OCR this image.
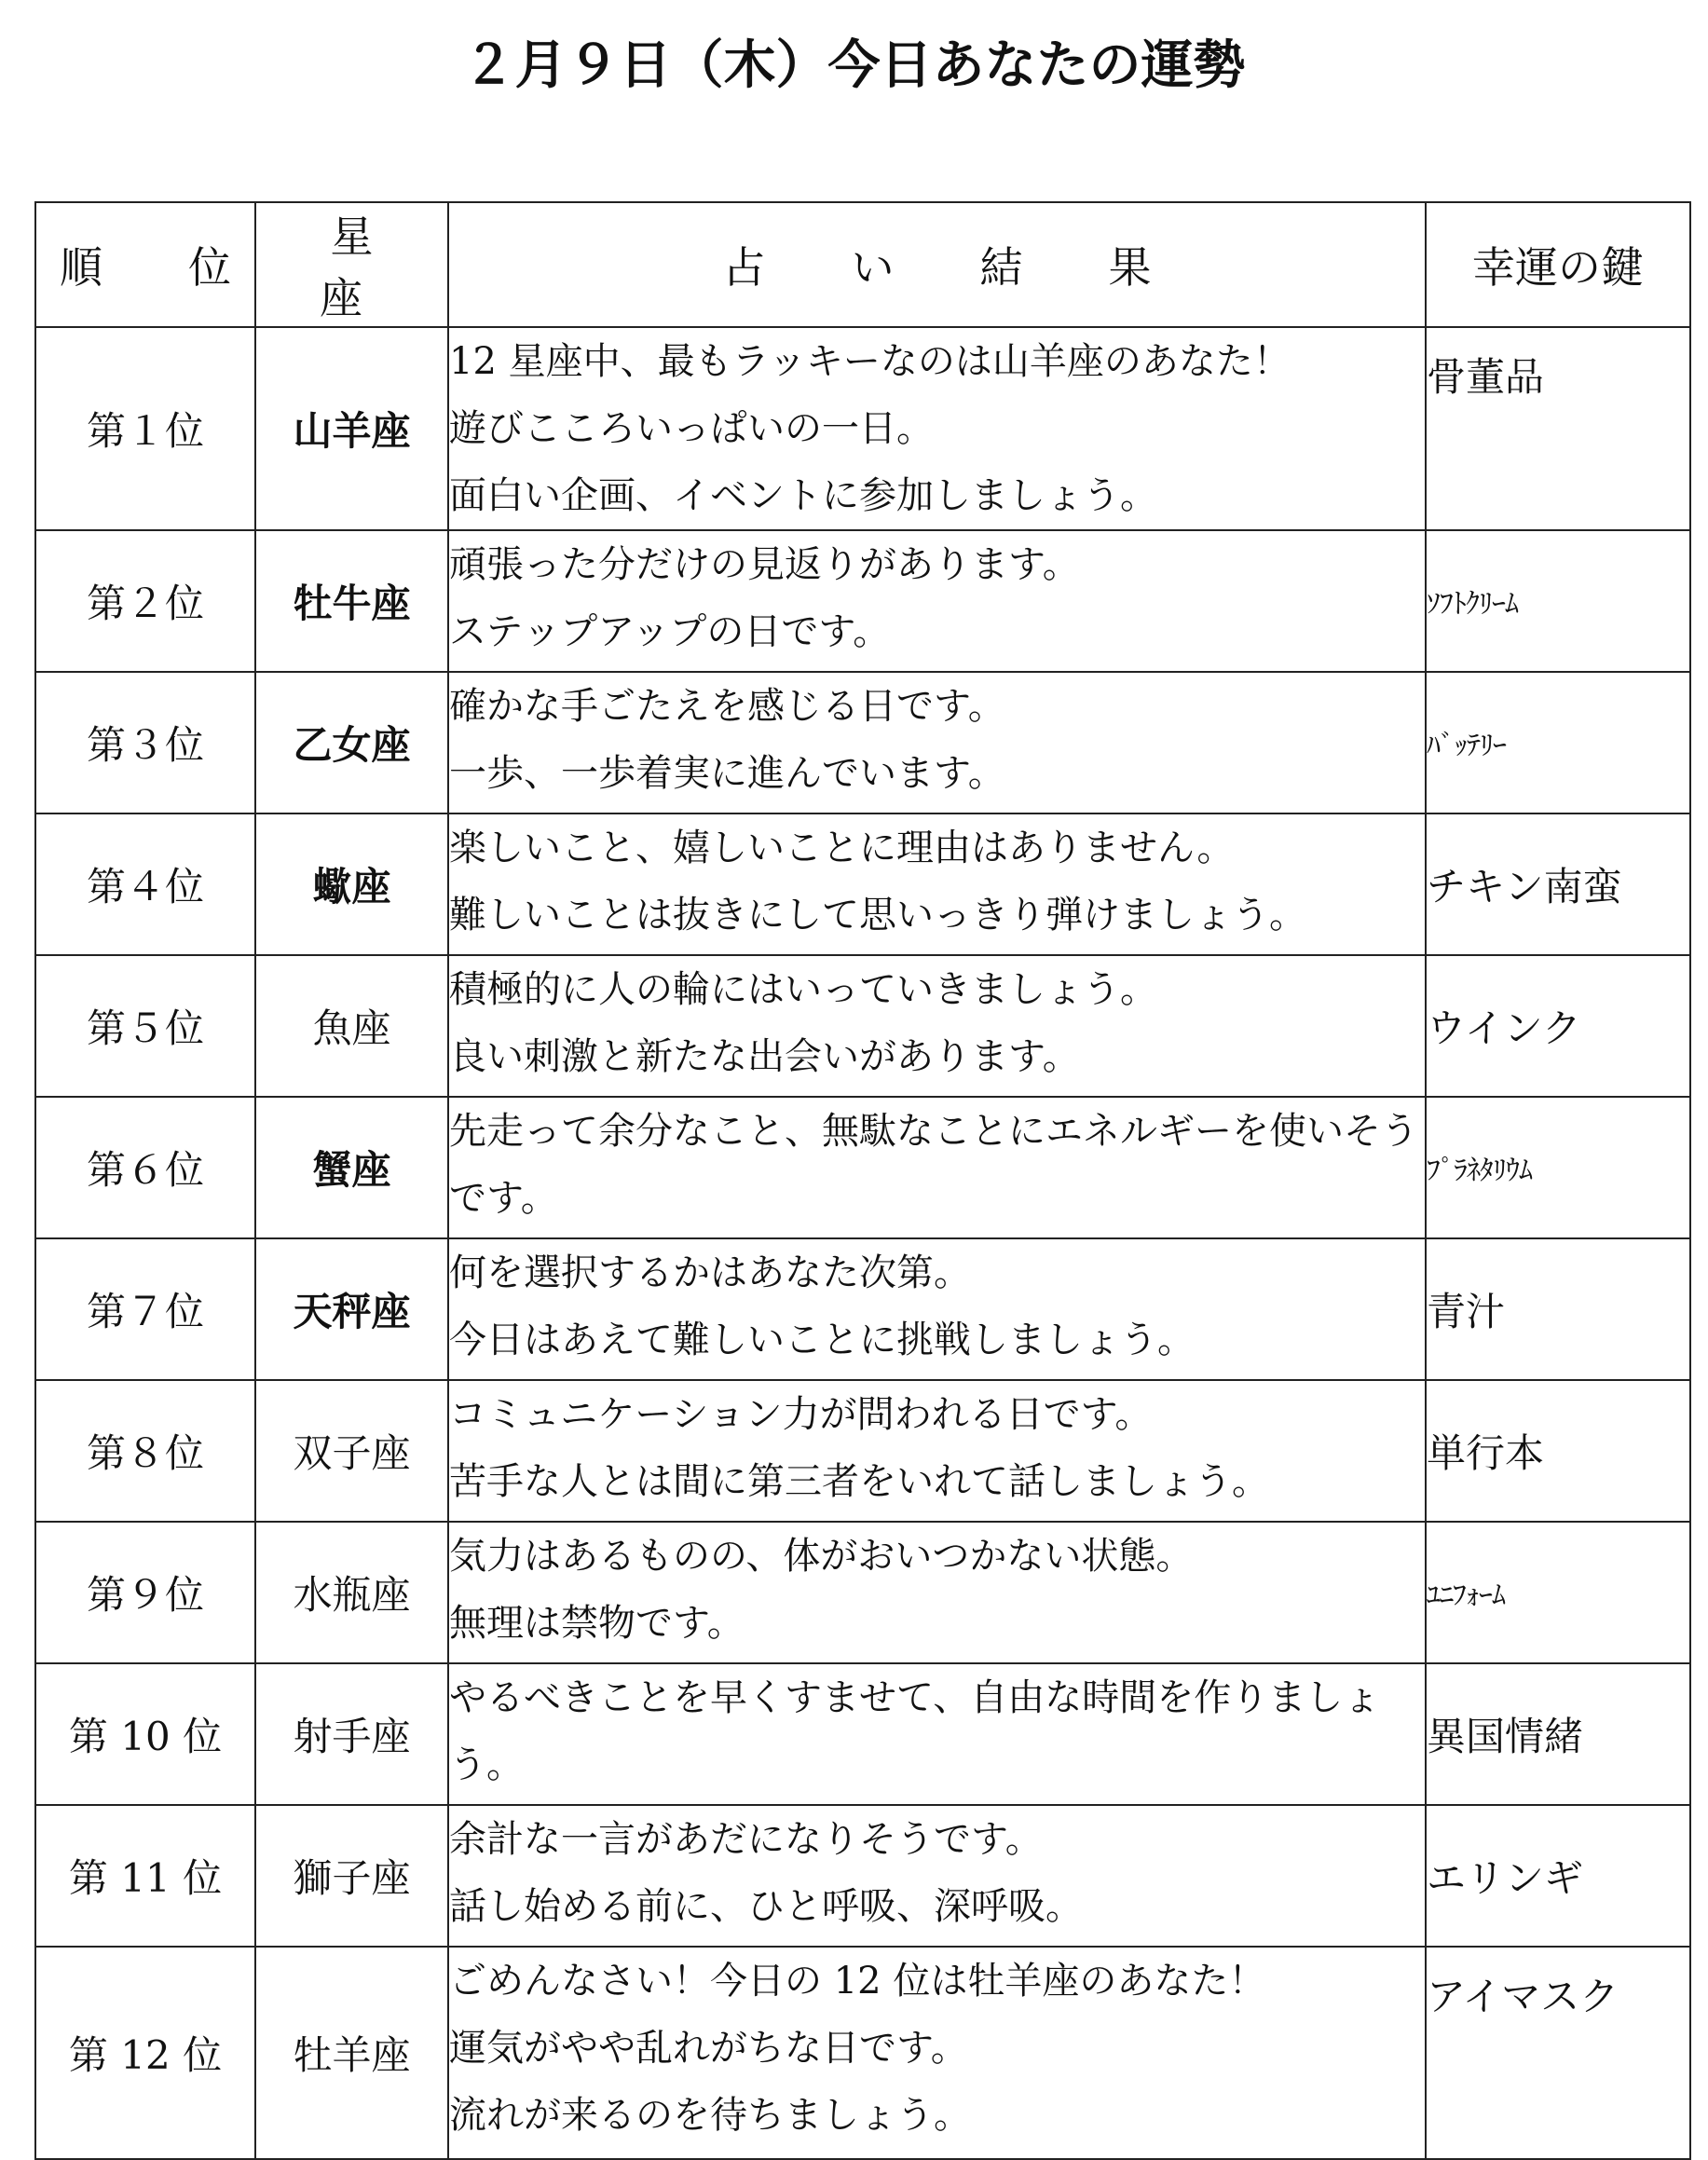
２月９日（木）今日あなたの運勢
順　位	星　座	占　い　結　果	幸運の鍵
第１位	山羊座	12 星座中、最もラッキーなのは山羊座のあなた！
遊びこころいっぱいの一日。
面白い企画、イベントに参加しましょう。	骨董品
第２位	牡牛座	頑張った分だけの見返りがあります。
ステップアップの日です。	ｿﾌﾄｸﾘｰﾑ
第３位	乙女座	確かな手ごたえを感じる日です。
一歩、一歩着実に進んでいます。	ﾊﾞｯﾃﾘｰ
第４位	蠍座	楽しいこと、嬉しいことに理由はありません。
難しいことは抜きにして思いっきり弾けましょう。	チキン南蛮
第５位	魚座	積極的に人の輪にはいっていきましょう。
良い刺激と新たな出会いがあります。	ウインク
第６位	蟹座	先走って余分なこと、無駄なことにエネルギーを使いそうです。	ﾌﾟﾗﾈﾀﾘｳﾑ
第７位	天秤座	何を選択するかはあなた次第。
今日はあえて難しいことに挑戦しましょう。	青汁
第８位	双子座	コミュニケーション力が問われる日です。
苦手な人とは間に第三者をいれて話しましょう。	単行本
第９位	水瓶座	気力はあるものの、体がおいつかない状態。
無理は禁物です。	ﾕﾆﾌｫｰﾑ
第 10 位	射手座	やるべきことを早くすませて、自由な時間を作りましょう。	異国情緒
第 11 位	獅子座	余計な一言があだになりそうです。
話し始める前に、ひと呼吸、深呼吸。	エリンギ
第 12 位	牡羊座	ごめんなさい！今日の 12 位は牡羊座のあなた！
運気がやや乱れがちな日です。
流れが来るのを待ちましょう。	アイマスク
